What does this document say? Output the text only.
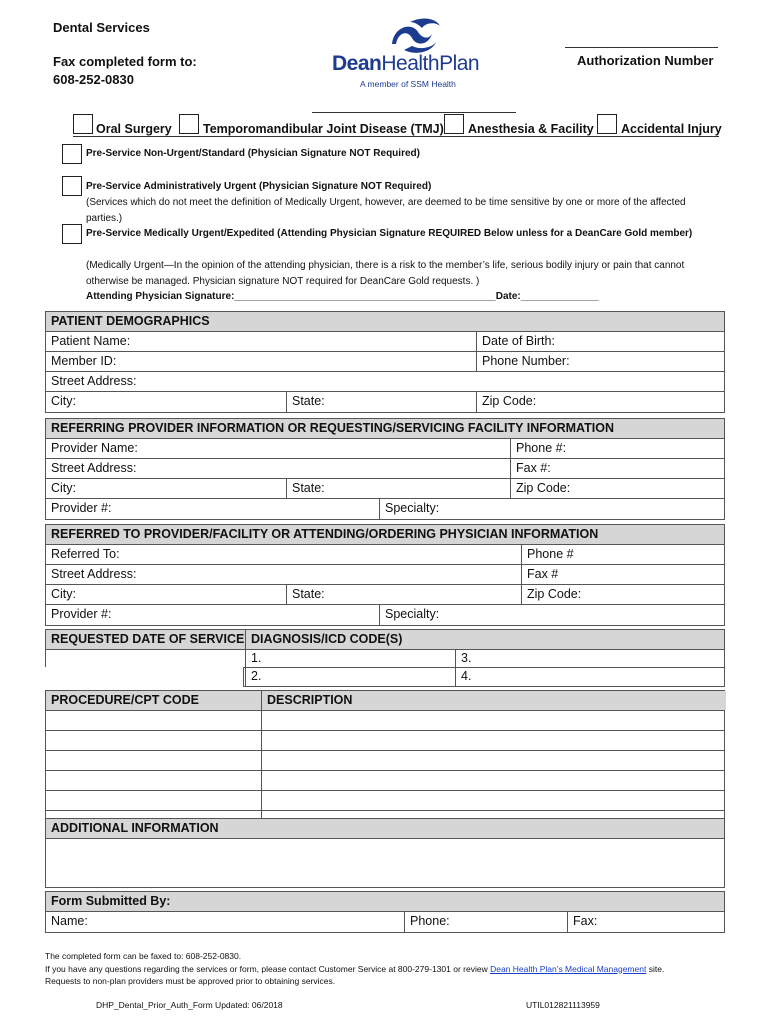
Dental Services
Fax completed form to:
608-252-0830
DeanHealthPlan
A member of SSM Health
Authorization Number
Oral Surgery	Temporomandibular Joint Disease (TMJ) Anesthesia & Facility Accidental Injury
Pre-Service Non-Urgent/Standard (Physician Signature NOT Required)
Pre-Service Administratively Urgent (Physician Signature NOT Required)
(Services which do not meet the definition of Medically Urgent, however, are deemed to be time sensitive by one or more of the affected parties.)
Pre-Service Medically Urgent/Expedited (Attending Physician Signature REQUIRED Below unless for a DeanCare Gold member)
(Medically Urgent—In the opinion of the attending physician, there is a risk to the member’s life, serious bodily injury or pain that cannot otherwise be managed. Physician signature NOT required for DeanCare Gold requests. )
Attending Physician Signature:_______________________________________________Date:______________
PATIENT DEMOGRAPHICS
Patient Name:	Date of Birth:
Member ID:	Phone Number:
Street Address:
City:	State:	Zip Code:
REFERRING PROVIDER INFORMATION OR REQUESTING/SERVICING FACILITY INFORMATION
Provider Name:	Phone #:
Street Address:	Fax #:
City:	State:	Zip Code:
Provider #:	Specialty:
REFERRED TO PROVIDER/FACILITY OR ATTENDING/ORDERING PHYSICIAN INFORMATION
Referred To:	Phone #
Street Address:	Fax #
City:	State:	Zip Code:
Provider #:	Specialty:
REQUESTED DATE OF SERVICE DIAGNOSIS/ICD CODE(S)
1.	3.
2.	4.
PROCEDURE/CPT CODE	DESCRIPTION
ADDITIONAL INFORMATION
Form Submitted By:
Name:	Phone:	Fax:
The completed form can be faxed to: 608-252-0830.
If you have any questions regarding the services or form, please contact Customer Service at 800-279-1301 or review Dean Health Plan’s Medical Management site.
Requests to non-plan providers must be approved prior to obtaining services.
DHP_Dental_Prior_Auth_Form Updated: 06/2018	UTIL012821113959
